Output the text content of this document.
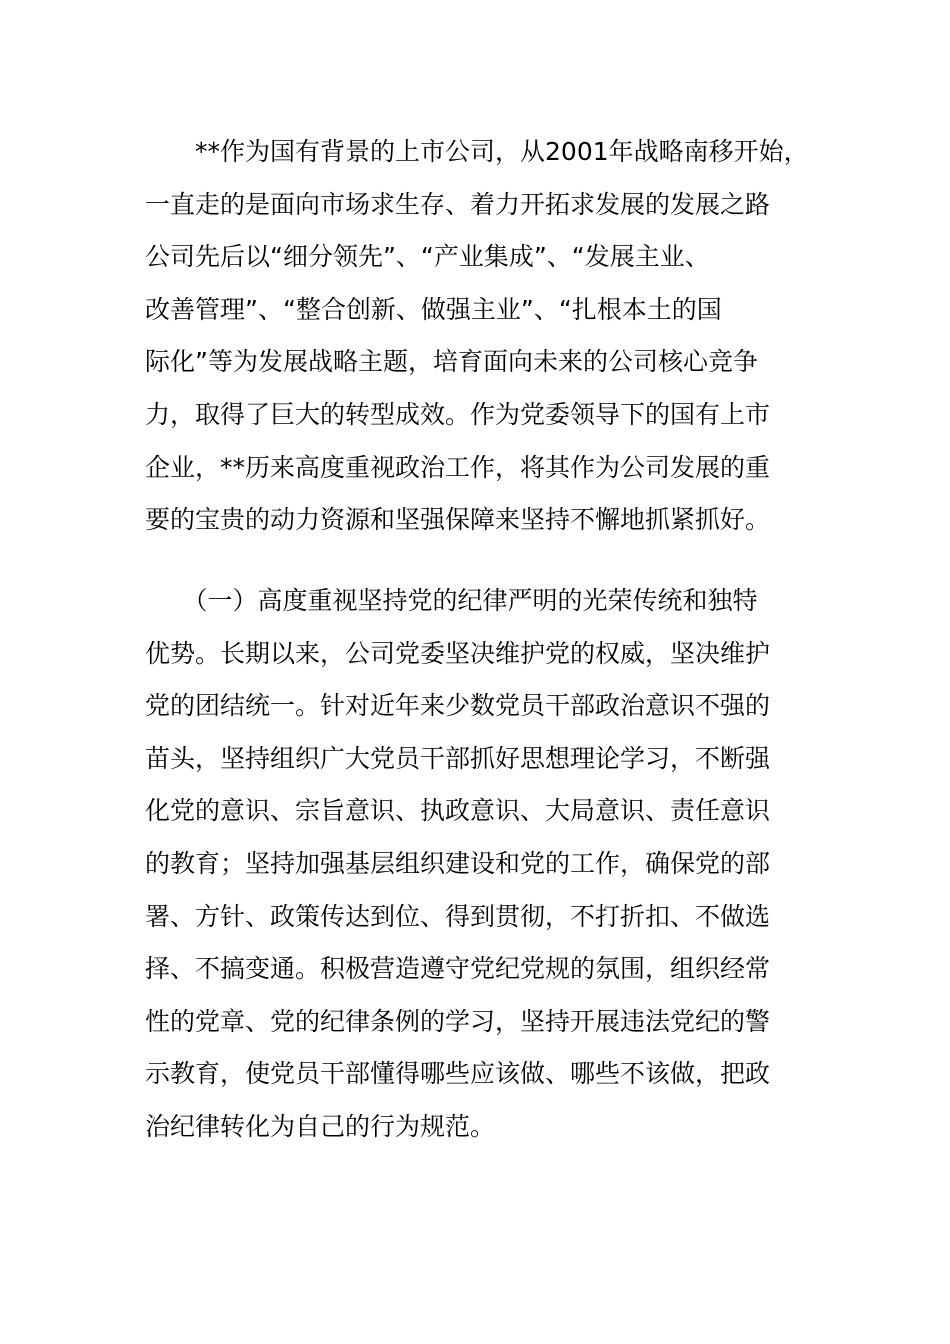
　　**作为国有背景的上市公司，从2001年战略南移开始，
一直走的是面向市场求生存、着力开拓求发展的发展之路
公司先后以“细分领先”、“产业集成”、“发展主业、
改善管理”、“整合创新、做强主业”、“扎根本土的国
际化”等为发展战略主题，培育面向未来的公司核心竞争
力，取得了巨大的转型成效。作为党委领导下的国有上市
企业，**历来高度重视政治工作，将其作为公司发展的重
要的宝贵的动力资源和坚强保障来坚持不懈地抓紧抓好。
　　（一）高度重视坚持党的纪律严明的光荣传统和独特
优势。长期以来，公司党委坚决维护党的权威，坚决维护
党的团结统一。针对近年来少数党员干部政治意识不强的
苗头，坚持组织广大党员干部抓好思想理论学习，不断强
化党的意识、宗旨意识、执政意识、大局意识、责任意识
的教育；坚持加强基层组织建设和党的工作，确保党的部
署、方针、政策传达到位、得到贯彻，不打折扣、不做选
择、不搞变通。积极营造遵守党纪党规的氛围，组织经常
性的党章、党的纪律条例的学习，坚持开展违法党纪的警
示教育，使党员干部懂得哪些应该做、哪些不该做，把政
治纪律转化为自己的行为规范。
